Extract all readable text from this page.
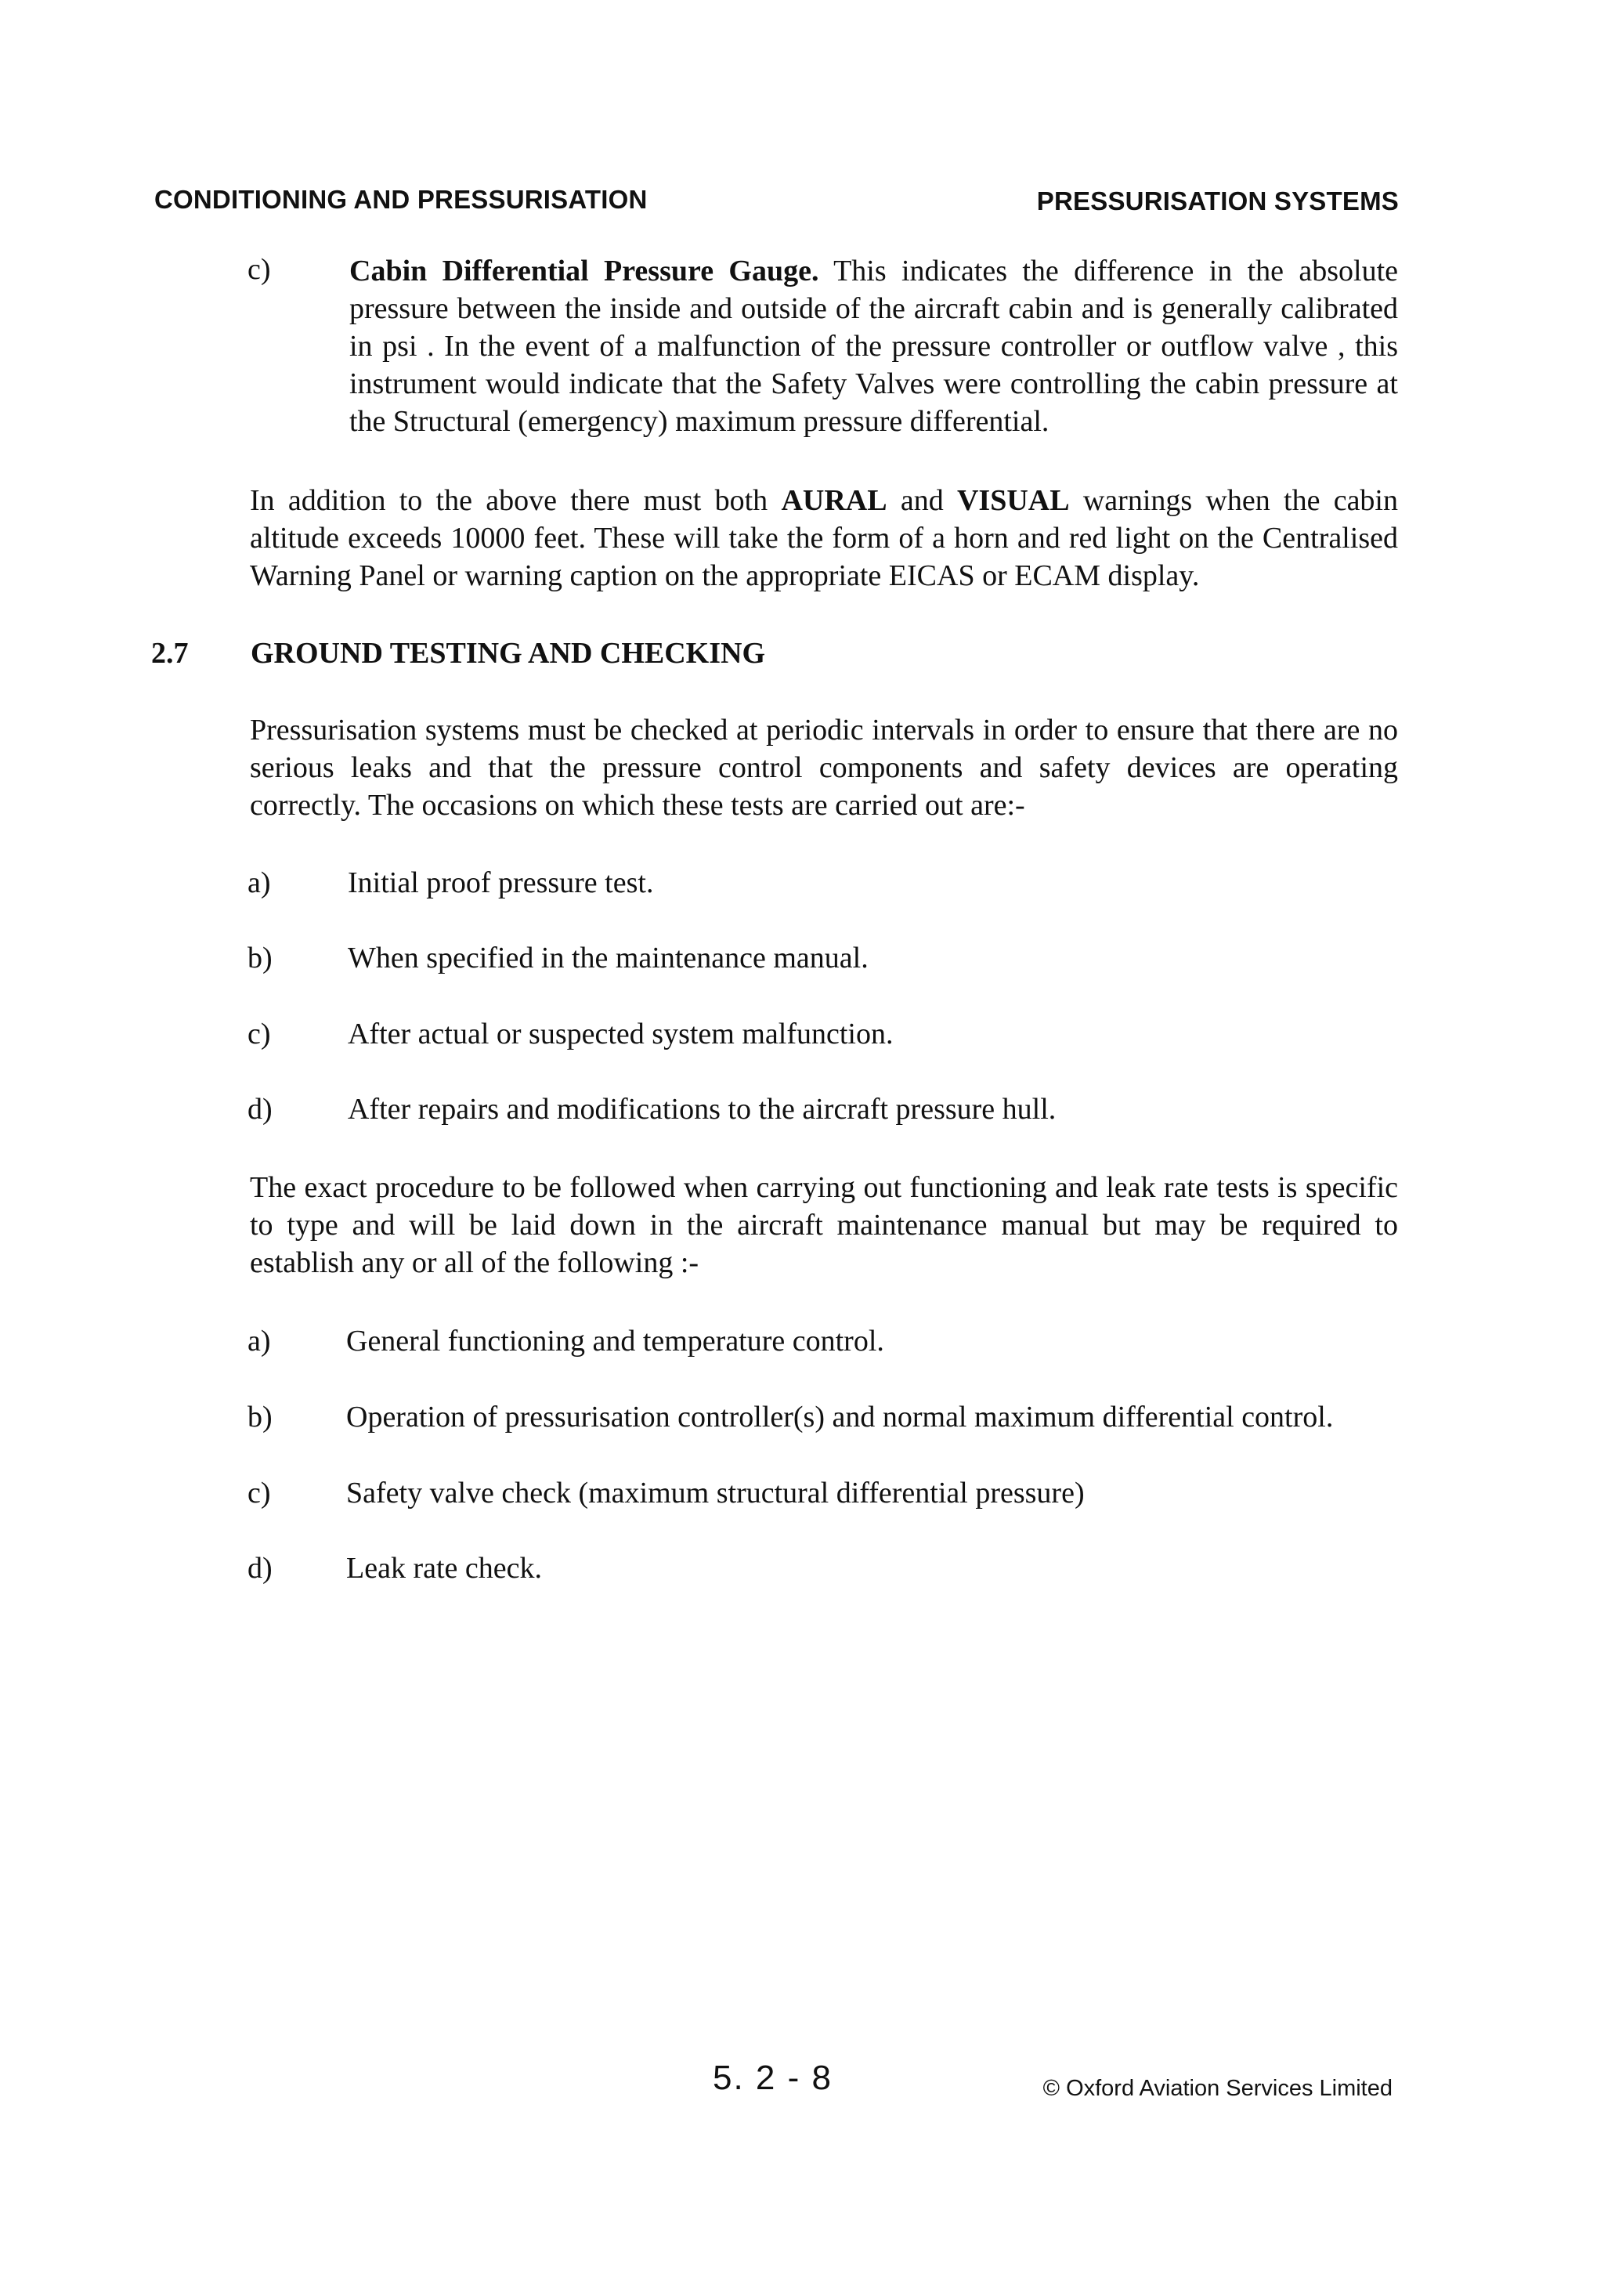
CONDITIONING AND PRESSURISATION	PRESSURISATION SYSTEMS
c)	Cabin Differential Pressure Gauge. This indicates the difference in the absolute pressure between the inside and outside of the aircraft cabin and is generally calibrated in psi . In the event of a malfunction of the pressure controller or outflow valve , this instrument would indicate that the Safety Valves were controlling the cabin pressure at the Structural (emergency) maximum pressure differential.

In addition to the above there must both AURAL and VISUAL warnings when the cabin altitude exceeds 10000 feet. These will take the form of a horn and red light on the Centralised Warning Panel or warning caption on the appropriate EICAS or ECAM display.

2.7 GROUND TESTING AND CHECKING

Pressurisation systems must be checked at periodic intervals in order to ensure that there are no serious leaks and that the pressure control components and safety devices are operating correctly. The occasions on which these tests are carried out are:-

a)	Initial proof pressure test.
b)	When specified in the maintenance manual.
c)	After actual or suspected system malfunction.
d)	After repairs and modifications to the aircraft pressure hull.

The exact procedure to be followed when carrying out functioning and leak rate tests is specific to type and will be laid down in the aircraft maintenance manual but may be required to establish any or all of the following :-

a)	General functioning and temperature control.
b) Operation of pressurisation controller(s) and normal maximum differential control.
c)	Safety valve check (maximum structural differential pressure)
d) Leak rate check.
5. 2 - 8	© Oxford Aviation Services Limited
